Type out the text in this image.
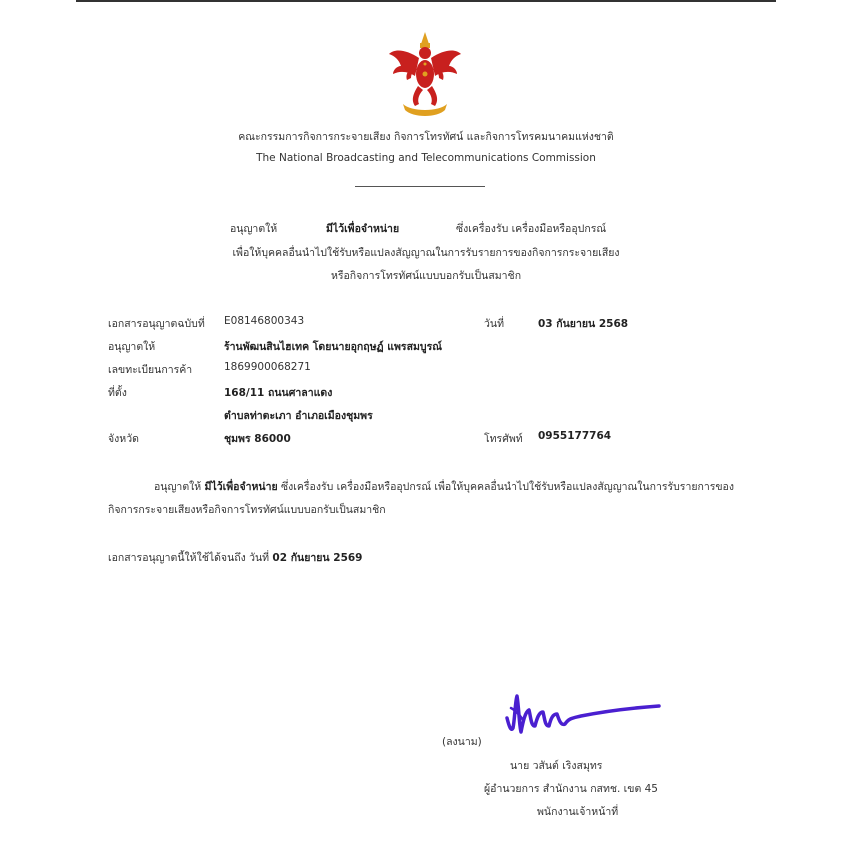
คณะกรรมการกิจการกระจายเสียง กิจการโทรทัศน์ และกิจการโทรคมนาคมแห่งชาติ
The National Broadcasting and Telecommunications Commission
อนุญาตให้	มีไว้เพื่อจำหน่าย	ซึ่งเครื่องรับ เครื่องมือหรืออุปกรณ์
เพื่อให้บุคคลอื่นนำไปใช้รับหรือแปลงสัญญาณในการรับรายการของกิจการกระจายเสียง
หรือกิจการโทรทัศน์แบบบอกรับเป็นสมาชิก
เอกสารอนุญาตฉบับที่ E08146800343	วันที่	03 กันยายน 2568
อนุญาตให้	ร้านพัฒนสินไฮเทค โดยนายอุกฤษฏ์ แพรสมบูรณ์
เลขทะเบียนการค้า	1869900068271
ที่ตั้ง	168/11 ถนนศาลาแดง
ตำบลท่าตะเภา อำเภอเมืองชุมพร
จังหวัด	ชุมพร 86000	โทรศัพท์ 0955177764
อนุญาตให้ มีไว้เพื่อจำหน่าย ซึ่งเครื่องรับ เครื่องมือหรืออุปกรณ์ เพื่อให้บุคคลอื่นนำไปใช้รับหรือแปลงสัญญาณในการรับรายการของ
กิจการกระจายเสียงหรือกิจการโทรทัศน์แบบบอกรับเป็นสมาชิก
เอกสารอนุญาตนี้ให้ใช้ได้จนถึง วันที่ 02 กันยายน 2569
(ลงนาม)
นาย วสันต์ เริงสมุทร
ผู้อำนวยการ สำนักงาน กสทช. เขต 45
พนักงานเจ้าหน้าที่
